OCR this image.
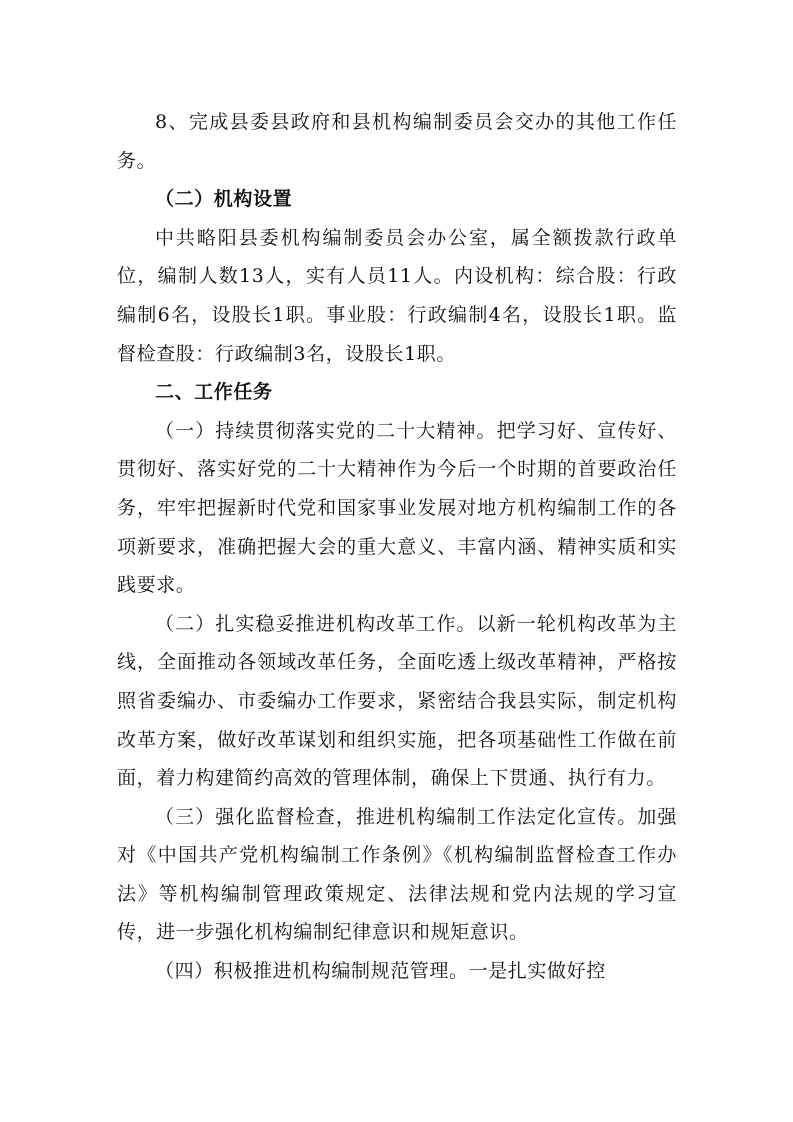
8、完成县委县政府和县机构编制委员会交办的其他工作任务。

（二）机构设置

中共略阳县委机构编制委员会办公室，属全额拨款行政单位，编制人数13人，实有人员11人。内设机构：综合股：行政编制6名，设股长1职。事业股：行政编制4名，设股长1职。监督检查股：行政编制3名，设股长1职。

二、工作任务

（一）持续贯彻落实党的二十大精神。把学习好、宣传好、贯彻好、落实好党的二十大精神作为今后一个时期的首要政治任务，牢牢把握新时代党和国家事业发展对地方机构编制工作的各项新要求，准确把握大会的重大意义、丰富内涵、精神实质和实践要求。

（二）扎实稳妥推进机构改革工作。以新一轮机构改革为主线，全面推动各领域改革任务，全面吃透上级改革精神，严格按照省委编办、市委编办工作要求，紧密结合我县实际，制定机构改革方案，做好改革谋划和组织实施，把各项基础性工作做在前面，着力构建简约高效的管理体制，确保上下贯通、执行有力。

（三）强化监督检查，推进机构编制工作法定化宣传。加强对《中国共产党机构编制工作条例》《机构编制监督检查工作办法》等机构编制管理政策规定、法律法规和党内法规的学习宣传，进一步强化机构编制纪律意识和规矩意识。

（四）积极推进机构编制规范管理。一是扎实做好控
